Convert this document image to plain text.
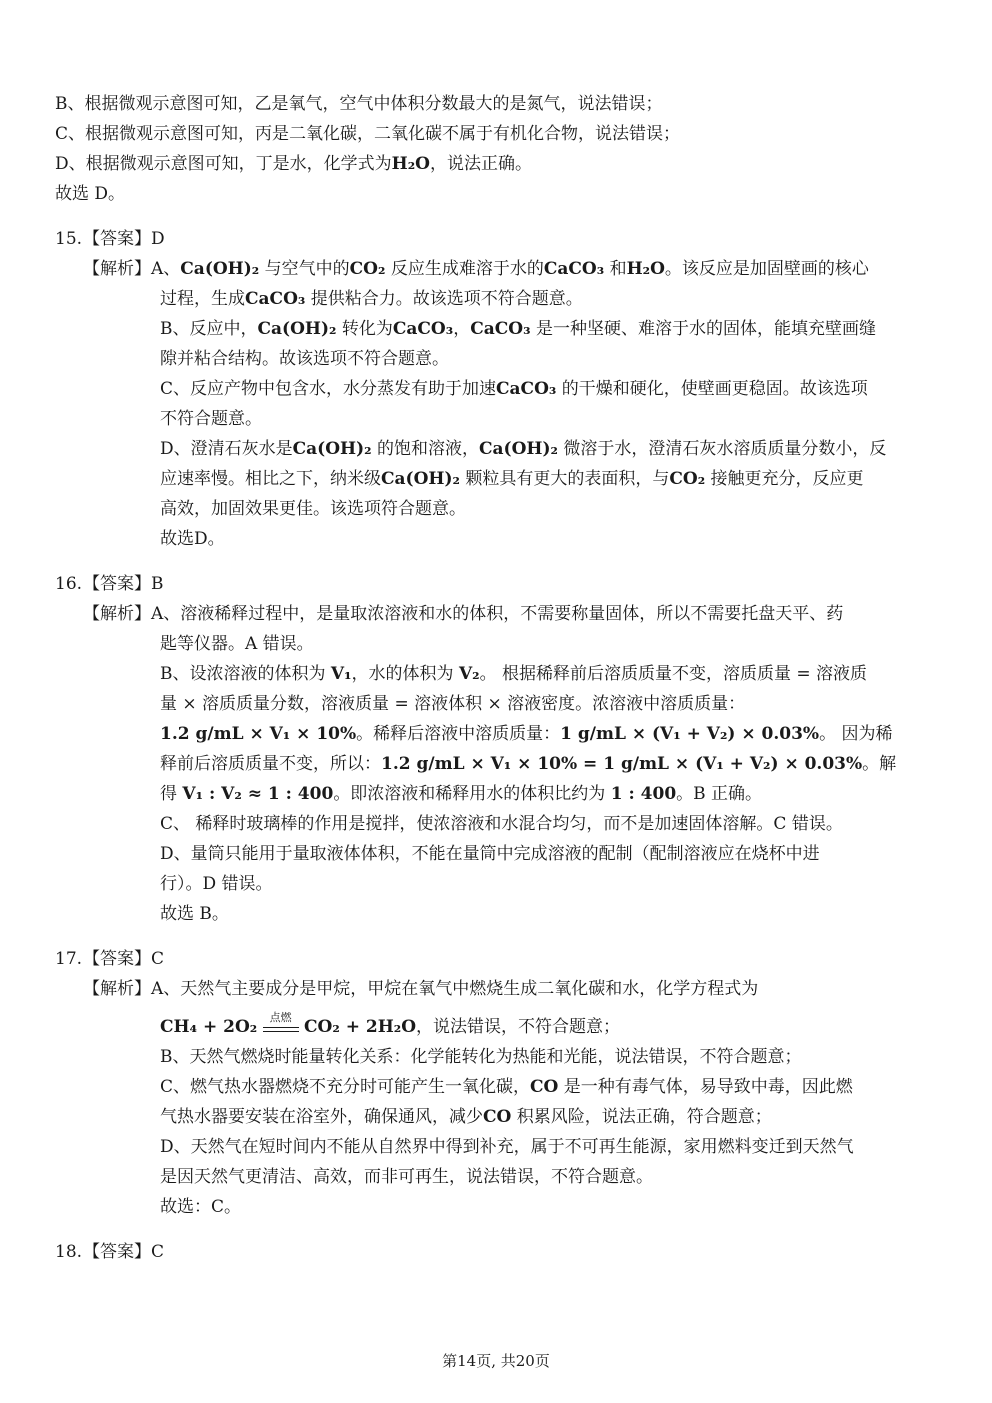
B、根据微观示意图可知，乙是氧气，空气中体积分数最大的是氮气，说法错误；
C、根据微观示意图可知，丙是二氧化碳，二氧化碳不属于有机化合物，说法错误；
D、根据微观示意图可知，丁是水，化学式为H₂O，说法正确。
故选 D。
15.【答案】D
【解析】A、Ca(OH)₂ 与空气中的CO₂ 反应生成难溶于水的CaCO₃ 和H₂O。该反应是加固壁画的核心
过程，生成CaCO₃ 提供粘合力。故该选项不符合题意。
B、反应中，Ca(OH)₂ 转化为CaCO₃，CaCO₃ 是一种坚硬、难溶于水的固体，能填充壁画缝
隙并粘合结构。故该选项不符合题意。
C、反应产物中包含水，水分蒸发有助于加速CaCO₃ 的干燥和硬化，使壁画更稳固。故该选项
不符合题意。
D、澄清石灰水是Ca(OH)₂ 的饱和溶液，Ca(OH)₂ 微溶于水，澄清石灰水溶质质量分数小，反
应速率慢。相比之下，纳米级Ca(OH)₂ 颗粒具有更大的表面积，与CO₂ 接触更充分，反应更
高效，加固效果更佳。该选项符合题意。
故选D。
16.【答案】B
【解析】A、溶液稀释过程中，是量取浓溶液和水的体积，不需要称量固体，所以不需要托盘天平、药
匙等仪器。A 错误。
B、设浓溶液的体积为 V₁，水的体积为 V₂。 根据稀释前后溶质质量不变，溶质质量 = 溶液质
量 × 溶质质量分数，溶液质量 = 溶液体积 × 溶液密度。浓溶液中溶质质量：
1.2 g/mL × V₁ × 10%。稀释后溶液中溶质质量：1 g/mL × (V₁ + V₂) × 0.03%。 因为稀
释前后溶质质量不变，所以：1.2 g/mL × V₁ × 10% = 1 g/mL × (V₁ + V₂) × 0.03%。解
得 V₁ : V₂ ≈ 1 : 400。即浓溶液和稀释用水的体积比约为 1 : 400。B 正确。
C、 稀释时玻璃棒的作用是搅拌，使浓溶液和水混合均匀，而不是加速固体溶解。C 错误。
D、量筒只能用于量取液体体积，不能在量筒中完成溶液的配制（配制溶液应在烧杯中进
行）。D 错误。
故选 B。
17.【答案】C
【解析】A、天然气主要成分是甲烷，甲烷在氧气中燃烧生成二氧化碳和水，化学方程式为
CH₄ + 2O₂	点燃 CO₂ + 2H₂O，说法错误，不符合题意；
B、天然气燃烧时能量转化关系：化学能转化为热能和光能，说法错误，不符合题意；
C、燃气热水器燃烧不充分时可能产生一氧化碳，CO 是一种有毒气体，易导致中毒，因此燃
气热水器要安装在浴室外，确保通风，减少CO 积累风险，说法正确，符合题意；
D、天然气在短时间内不能从自然界中得到补充，属于不可再生能源，家用燃料变迁到天然气
是因天然气更清洁、高效，而非可再生，说法错误，不符合题意。
故选：C。
18.【答案】C
第14页, 共20页
